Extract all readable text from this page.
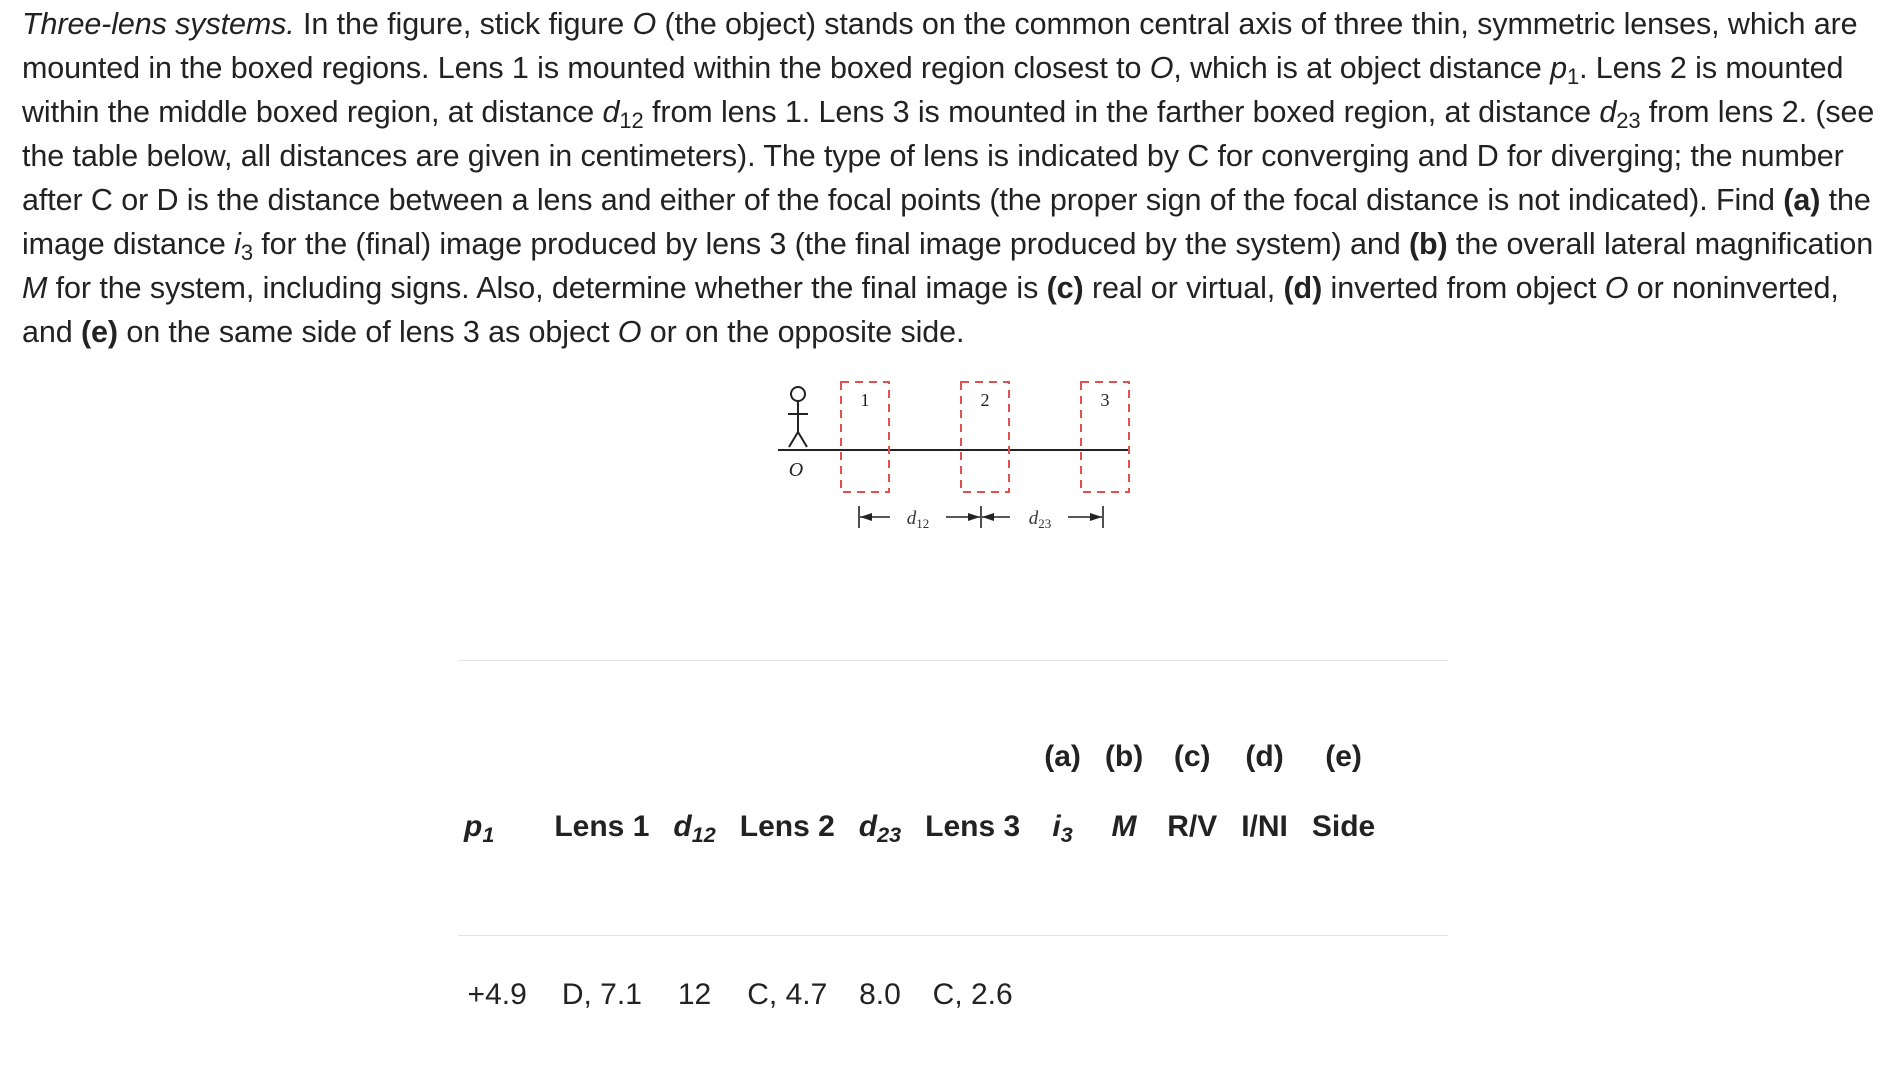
Three-lens systems. In the figure, stick figure O (the object) stands on the common central axis of three thin, symmetric lenses, which are mounted in the boxed regions. Lens 1 is mounted within the boxed region closest to O, which is at object distance $p_1$. Lens 2 is mounted within the middle boxed region, at distance $d_{12}$ from lens 1. Lens 3 is mounted in the farther boxed region, at distance $d_{23}$ from lens 2. (see the table below, all distances are given in centimeters). The type of lens is indicated by C for converging and D for diverging; the number after C or D is the distance between a lens and either of the focal points (the proper sign of the focal distance is not indicated). Find (a) the image distance $i_3$ for the (final) image produced by lens 3 (the final image produced by the system) and (b) the overall lateral magnification M for the system, including signs. Also, determine whether the final image is (c) real or virtual, (d) inverted from object O or noninverted, and (e) on the same side of lens 3 as object O or on the opposite side.

O
1	2	3
$d_{12}$	$d_{23}$
						(a)	(b)	(c)	(d)	(e)
$p_1$	Lens 1	$d_{12}$	Lens 2	$d_{23}$	Lens 3	$i_3$	M	R/V	I/NI	Side

+4.9	D, 7.1	12	C, 4.7	8.0	C, 2.6					
